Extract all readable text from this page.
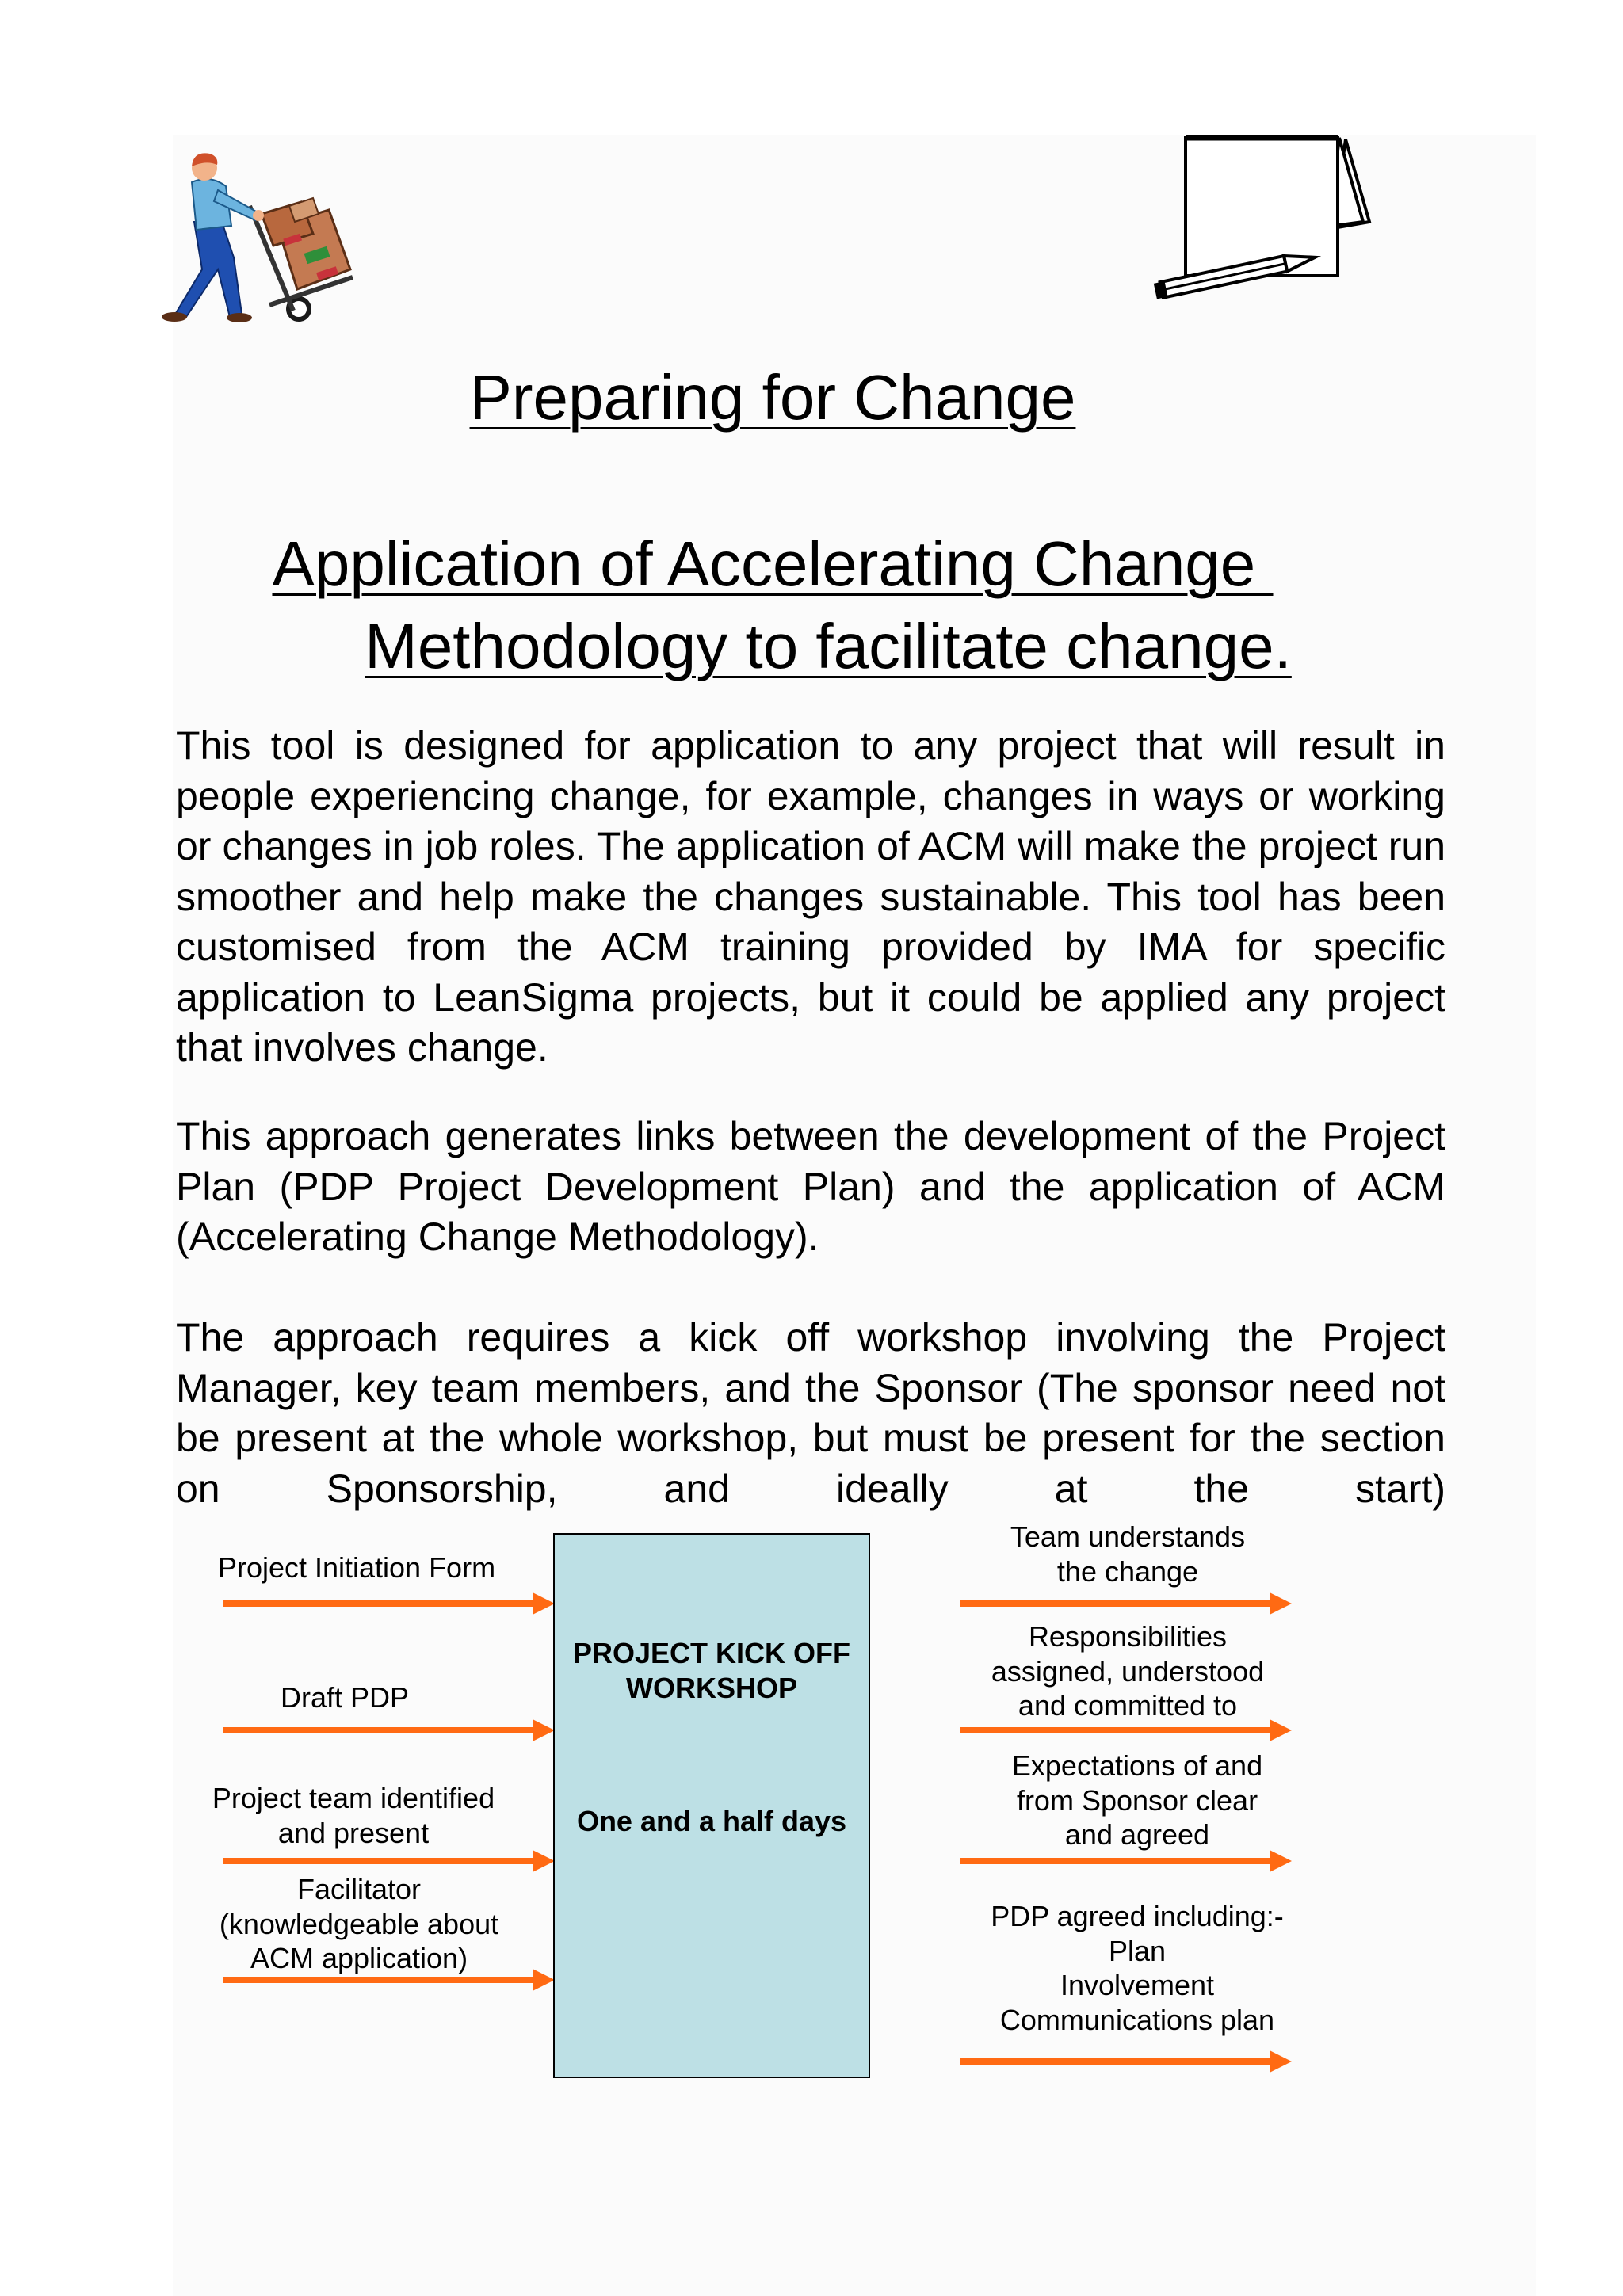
Preparing for Change
Application of Accelerating Change
Methodology to facilitate change.
This tool is designed for application to any project that will result in people experiencing change, for example, changes in ways or working or changes in job roles. The application of ACM will make the project run smoother and help make the changes sustainable. This tool has been customised from the ACM training provided by IMA for specific application to LeanSigma projects, but it could be applied any project that involves change.
This approach generates links between the development of the Project Plan (PDP Project Development Plan) and the application of ACM (Accelerating Change Methodology).
The approach requires a kick off workshop involving the Project Manager, key team members, and the Sponsor (The sponsor need not be present at the whole workshop, but must be present for the section on Sponsorship, and ideally at the start)
Project Initiation Form
Draft PDP
Project team identified
and present
Facilitator
(knowledgeable about
ACM application)
PROJECT KICK OFF
WORKSHOP
One and a half days
Team understands
the change
Responsibilities
assigned, understood
and committed to
Expectations of and
from Sponsor clear
and agreed
PDP agreed including:-
Plan
Involvement
Communications plan
